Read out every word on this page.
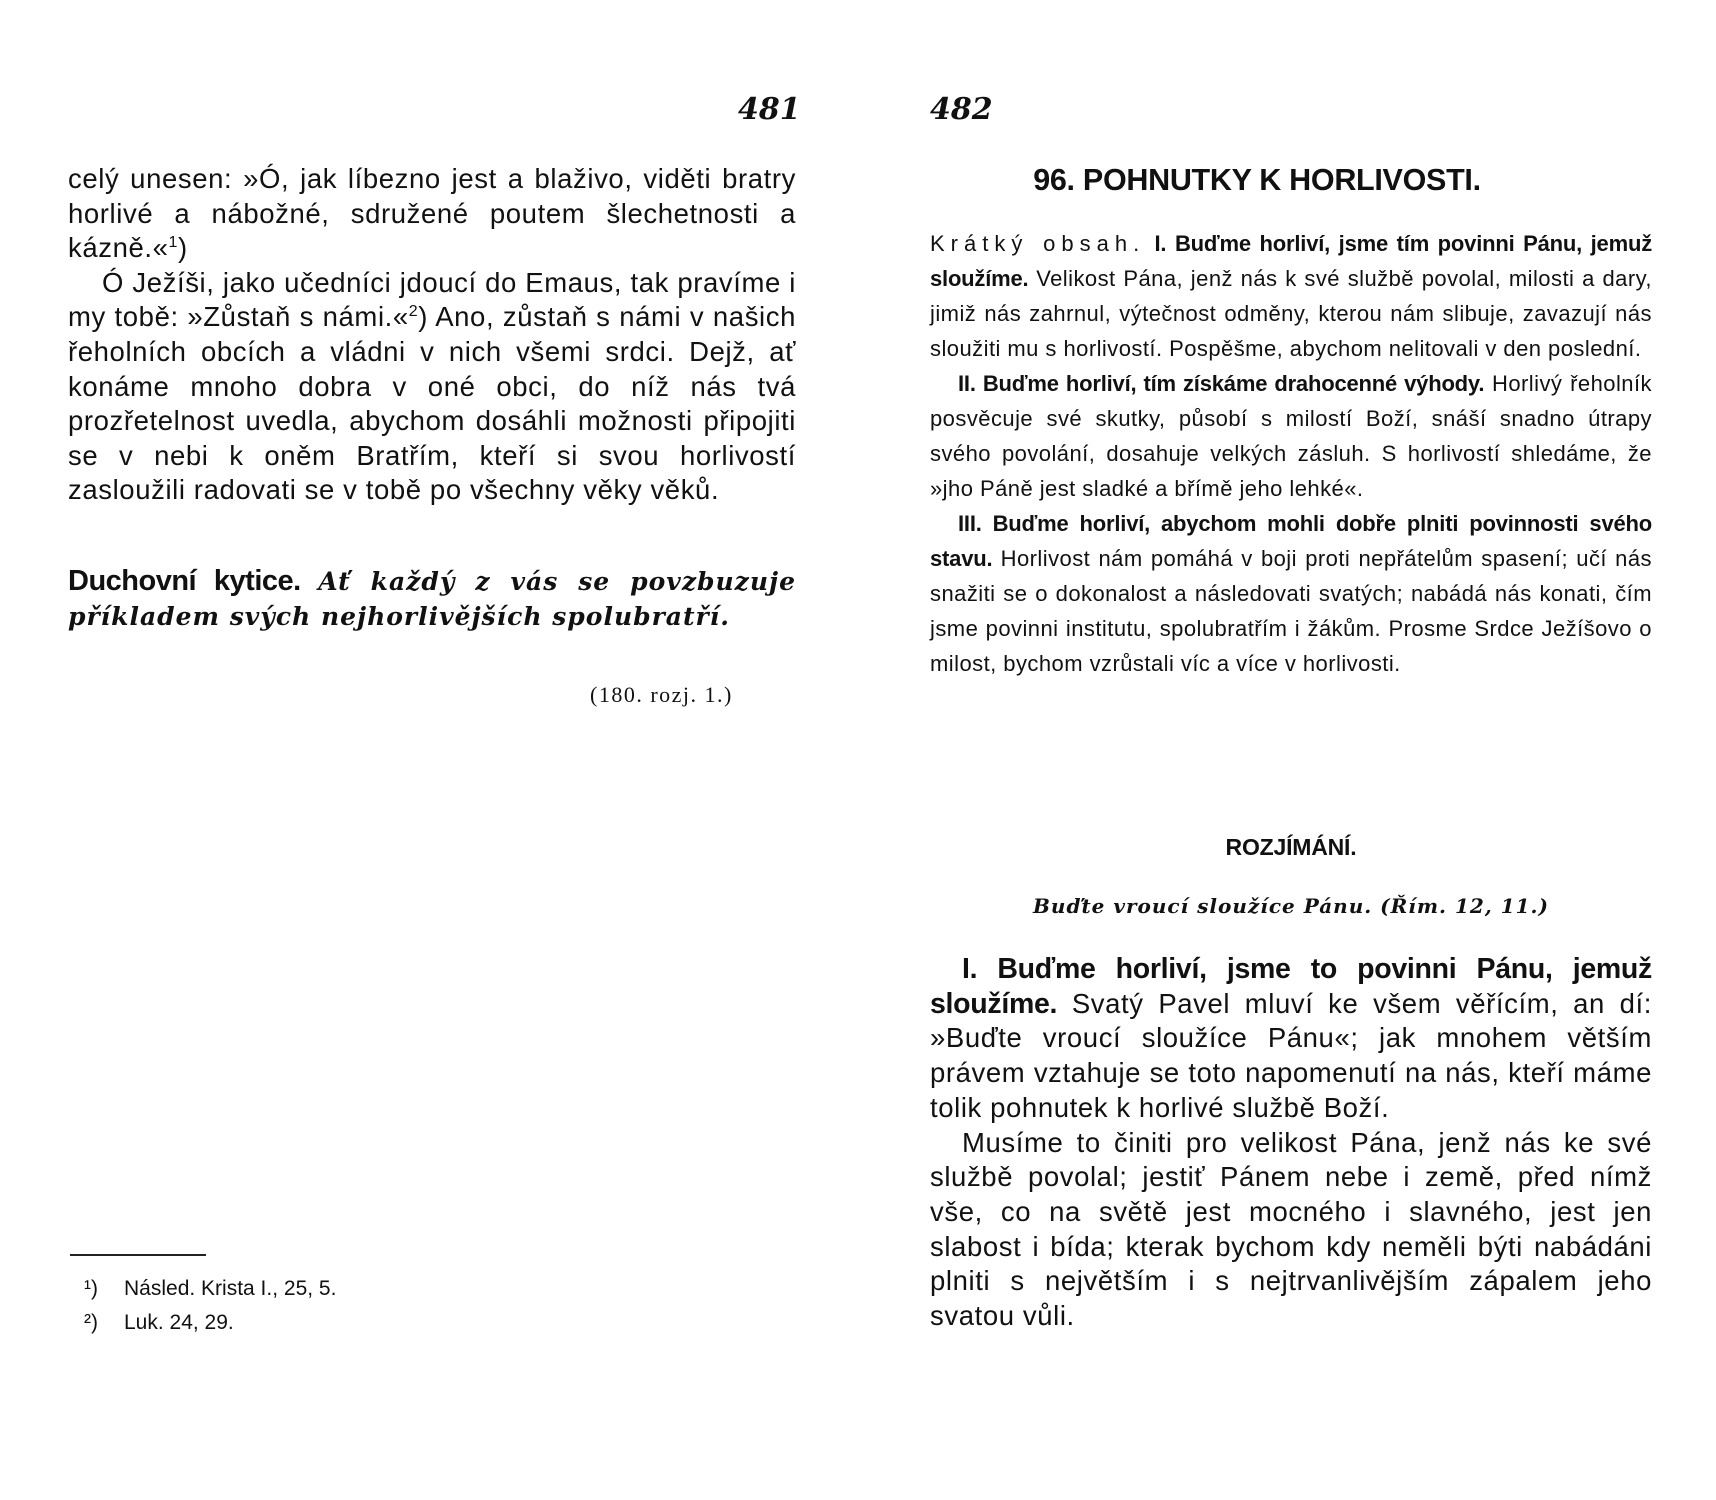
481

celý unesen: »Ó, jak líbezno jest a blaživo, viděti bratry horlivé a nábožné, sdružené poutem šlechetnosti a kázně.«$^1$)

Ó Ježíši, jako učedníci jdoucí do Emaus, tak pravíme i my tobě: »Zůstaň s námi.«$^2$) Ano, zůstaň s námi v našich řeholních obcích a vládni v nich všemi srdci. Dejž, ať konáme mnoho dobra v oné obci, do níž nás tvá prozřetelnost uvedla, abychom dosáhli možnosti připojiti se v nebi k oněm Bratřím, kteří si svou horlivostí zasloužili radovati se v tobě po všechny věky věků.

Duchovní kytice. Ať každý z vás se povzbuzuje příkladem svých nejhorlivějších spolubratří.
(180. rozj. 1.)
¹) Násled. Krista I., 25, 5.
²) Luk. 24, 29.
482
96. POHNUTKY K HORLIVOSTI.

Krátký obsah. I. Buďme horliví, jsme tím povinni Pánu, jemuž sloužíme. Velikost Pána, jenž nás k své službě povolal, milosti a dary, jimiž nás zahrnul, výtečnost odměny, kterou nám slibuje, zavazují nás sloužiti mu s horlivostí. Pospěšme, abychom nelitovali v den poslední.

II. Buďme horliví, tím získáme drahocenné výhody. Horlivý řeholník posvěcuje své skutky, působí s milostí Boží, snáší snadno útrapy svého povolání, dosahuje velkých zásluh. S horlivostí shledáme, že »jho Páně jest sladké a břímě jeho lehké«.

III. Buďme horliví, abychom mohli dobře plniti povinnosti svého stavu. Horlivost nám pomáhá v boji proti nepřátelům spasení; učí nás snažiti se o dokonalost a následovati svatých; nabádá nás konati, čím jsme povinni institutu, spolubratřím i žákům. Prosme Srdce Ježíšovo o milost, bychom vzrůstali víc a více v horlivosti.

ROZJÍMÁNÍ.
Buďte vroucí sloužíce Pánu. (Řím. 12, 11.)

I. Buďme horliví, jsme to povinni Pánu, jemuž sloužíme. Svatý Pavel mluví ke všem věřícím, an dí: »Buďte vroucí sloužíce Pánu«; jak mnohem větším právem vztahuje se toto napomenutí na nás, kteří máme tolik pohnutek k horlivé službě Boží.

Musíme to činiti pro velikost Pána, jenž nás ke své službě povolal; jestiť Pánem nebe i země, před nímž vše, co na světě jest mocného i slavného, jest jen slabost i bída; kterak bychom kdy neměli býti nabádáni plniti s největším i s nejtrvanlivějším zápalem jeho svatou vůli.
